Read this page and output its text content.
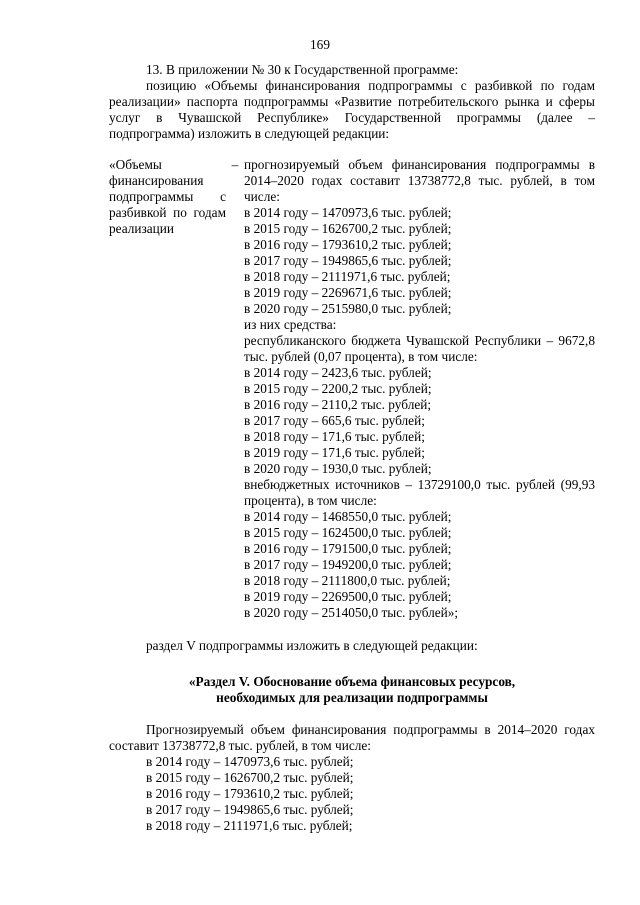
169

13. В приложении № 30 к Государственной программе:

позицию «Объемы финансирования подпрограммы с разбивкой по годам реализации» паспорта подпрограммы «Развитие потребительского рынка и сферы услуг в Чувашской Республике» Государственной программы (далее – подпрограмма) изложить в следующей редакции:

«Объемы финансирования подпрограммы с разбивкой по годам реализации
– прогнозируемый объем финансирования подпрограммы в 2014–2020 годах составит 13738772,8 тыс. рублей, в том числе:

в 2014 году – 1470973,6 тыс. рублей;

в 2015 году – 1626700,2 тыс. рублей;

в 2016 году – 1793610,2 тыс. рублей;

в 2017 году – 1949865,6 тыс. рублей;

в 2018 году – 2111971,6 тыс. рублей;

в 2019 году – 2269671,6 тыс. рублей;

в 2020 году – 2515980,0 тыс. рублей;

из них средства:

республиканского бюджета Чувашской Республики – 9672,8 тыс. рублей (0,07 процента), в том числе:

в 2014 году – 2423,6 тыс. рублей;

в 2015 году – 2200,2 тыс. рублей;

в 2016 году – 2110,2 тыс. рублей;

в 2017 году – 665,6 тыс. рублей;

в 2018 году – 171,6 тыс. рублей;

в 2019 году – 171,6 тыс. рублей;

в 2020 году – 1930,0 тыс. рублей;

внебюджетных источников – 13729100,0 тыс. рублей (99,93 процента), в том числе:

в 2014 году – 1468550,0 тыс. рублей;

в 2015 году – 1624500,0 тыс. рублей;

в 2016 году – 1791500,0 тыс. рублей;

в 2017 году – 1949200,0 тыс. рублей;

в 2018 году – 2111800,0 тыс. рублей;

в 2019 году – 2269500,0 тыс. рублей;

в 2020 году – 2514050,0 тыс. рублей»;

раздел V подпрограммы изложить в следующей редакции:

«Раздел V. Обоснование объема финансовых ресурсов,
необходимых для реализации подпрограммы

Прогнозируемый объем финансирования подпрограммы в 2014–2020 годах составит 13738772,8 тыс. рублей, в том числе:

в 2014 году – 1470973,6 тыс. рублей;

в 2015 году – 1626700,2 тыс. рублей;

в 2016 году – 1793610,2 тыс. рублей;

в 2017 году – 1949865,6 тыс. рублей;

в 2018 году – 2111971,6 тыс. рублей;
